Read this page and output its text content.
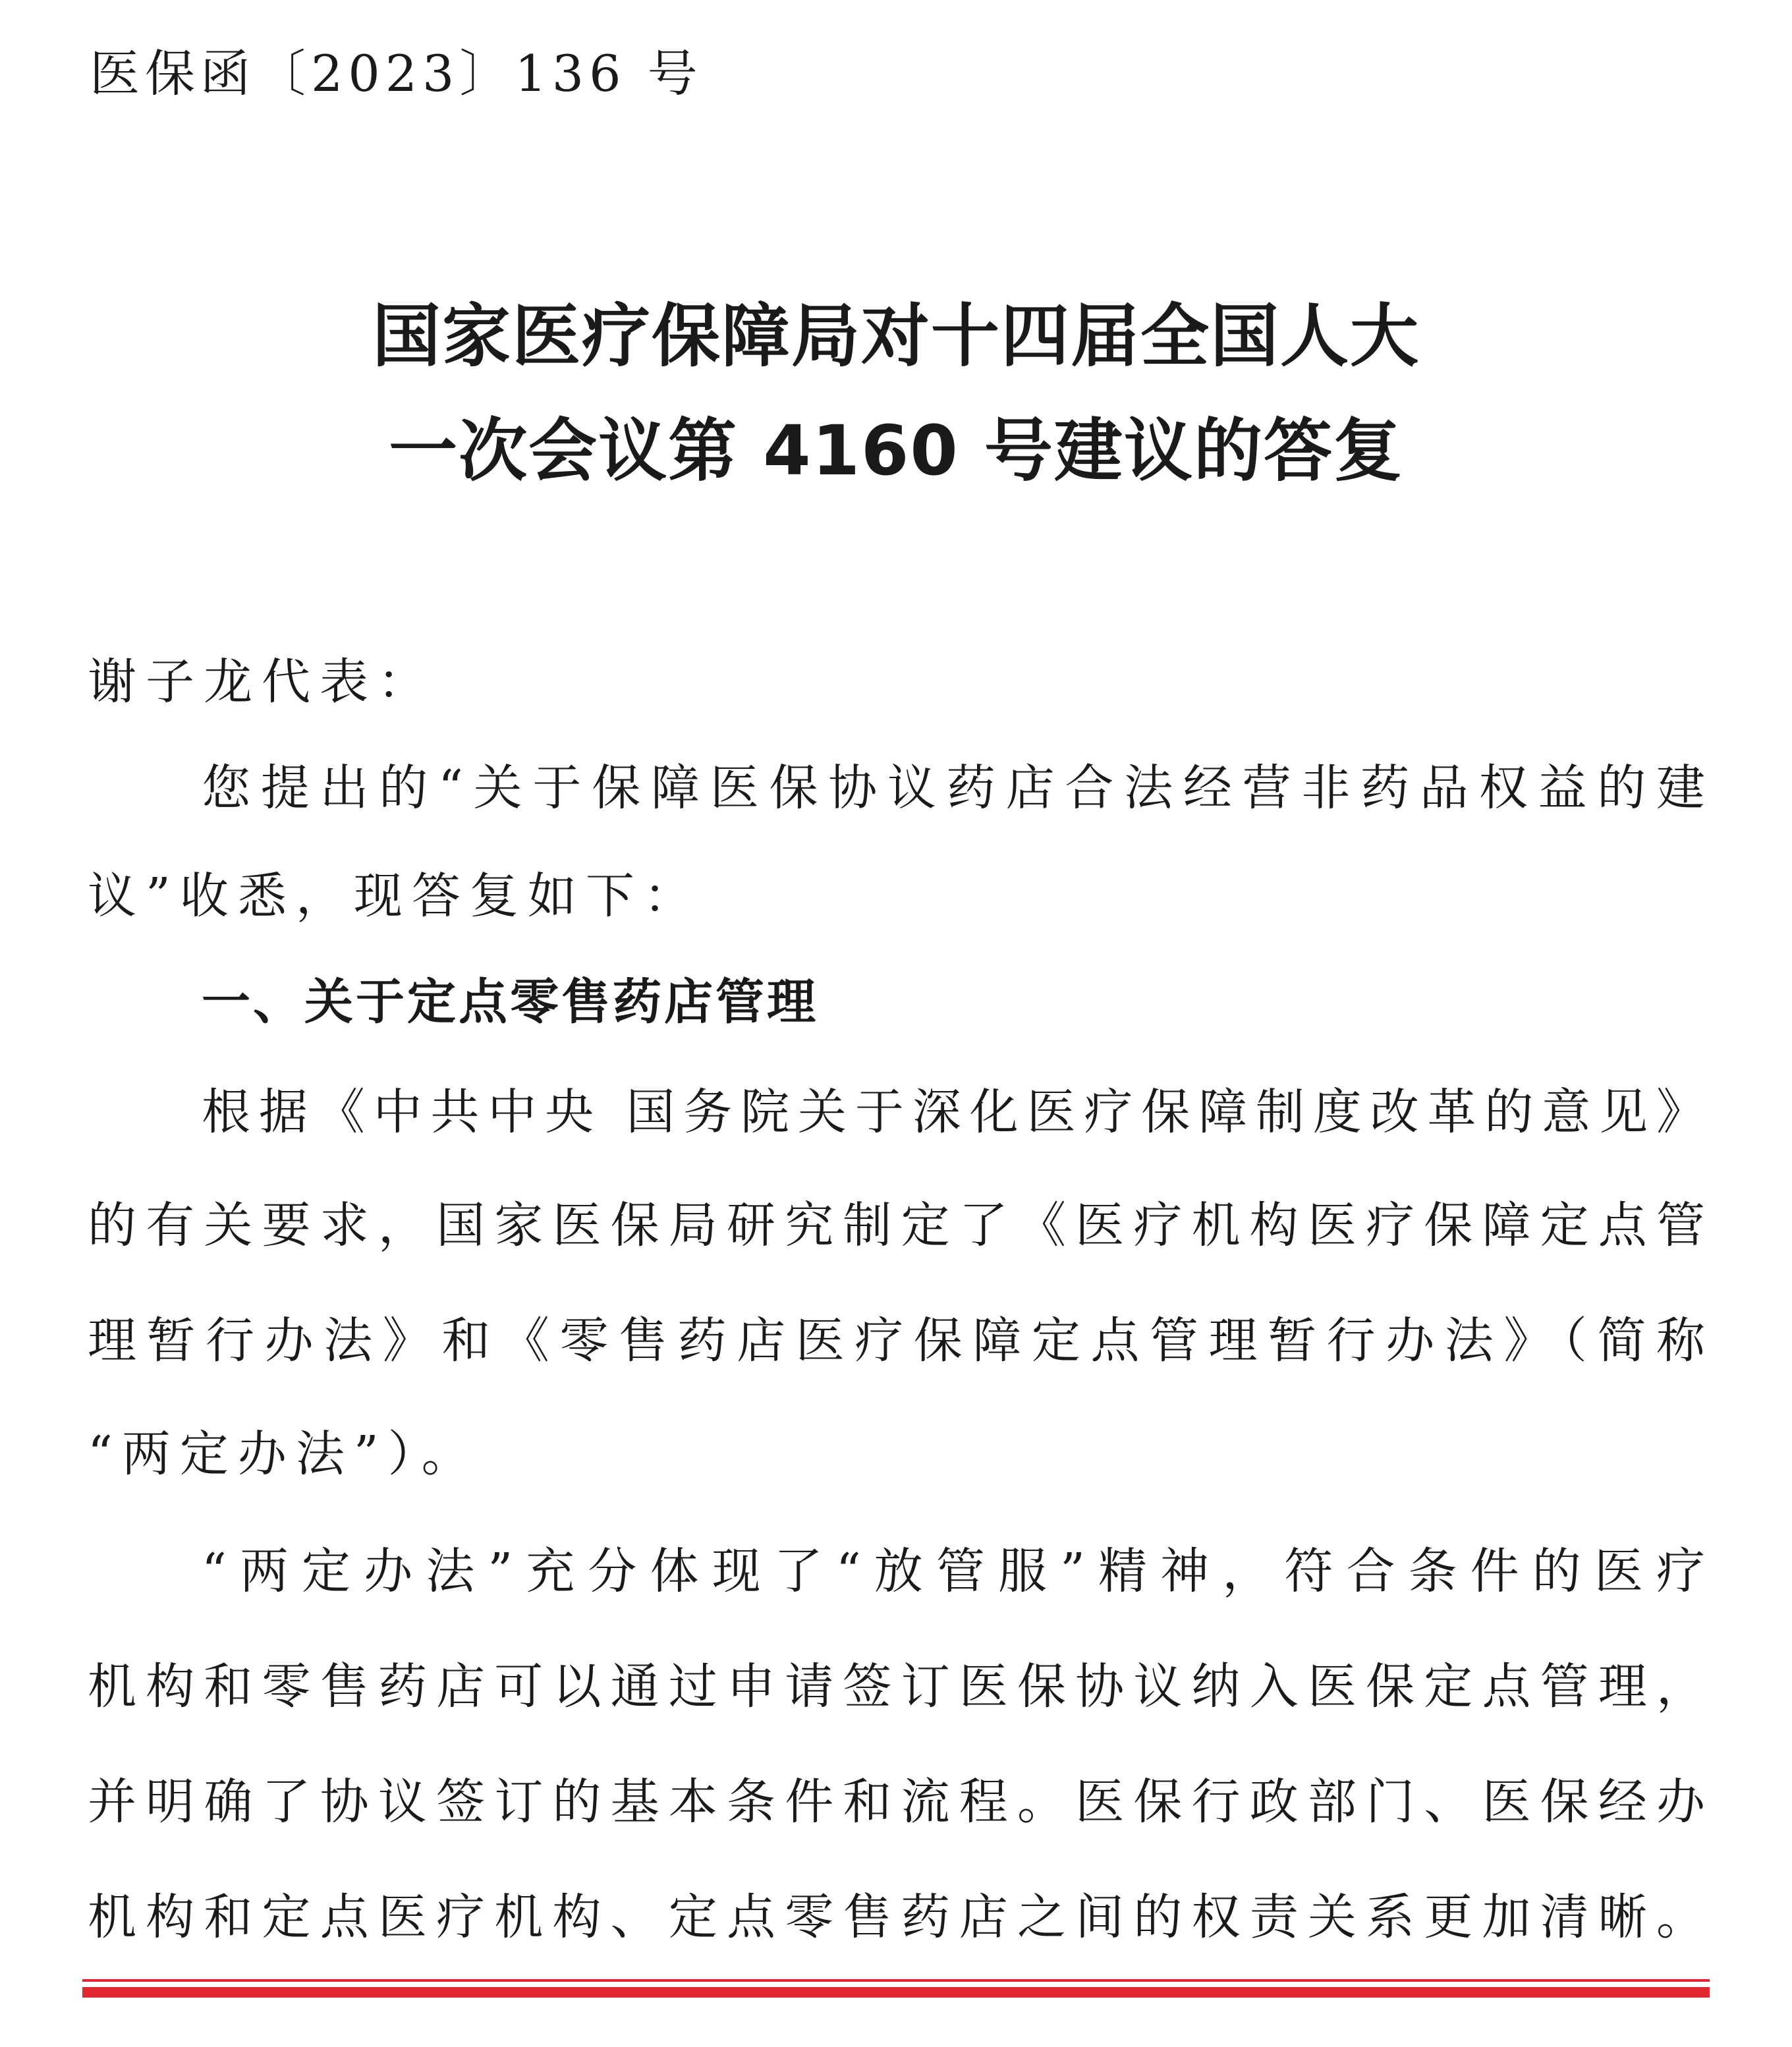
医保函〔2023〕136 号
国家医疗保障局对十四届全国人大
一次会议第 4160 号建议的答复
谢子龙代表：
您提出的“关于保障医保协议药店合法经营非药品权益的建
议”收悉，现答复如下：
一、关于定点零售药店管理
根据《中共中央 国务院关于深化医疗保障制度改革的意见》
的有关要求，国家医保局研究制定了《医疗机构医疗保障定点管
理暂行办法》和《零售药店医疗保障定点管理暂行办法》（简称
“两定办法”）。
“两定办法”充分体现了“放管服”精神，符合条件的医疗
机构和零售药店可以通过申请签订医保协议纳入医保定点管理，
并明确了协议签订的基本条件和流程。医保行政部门、医保经办
机构和定点医疗机构、定点零售药店之间的权责关系更加清晰。
